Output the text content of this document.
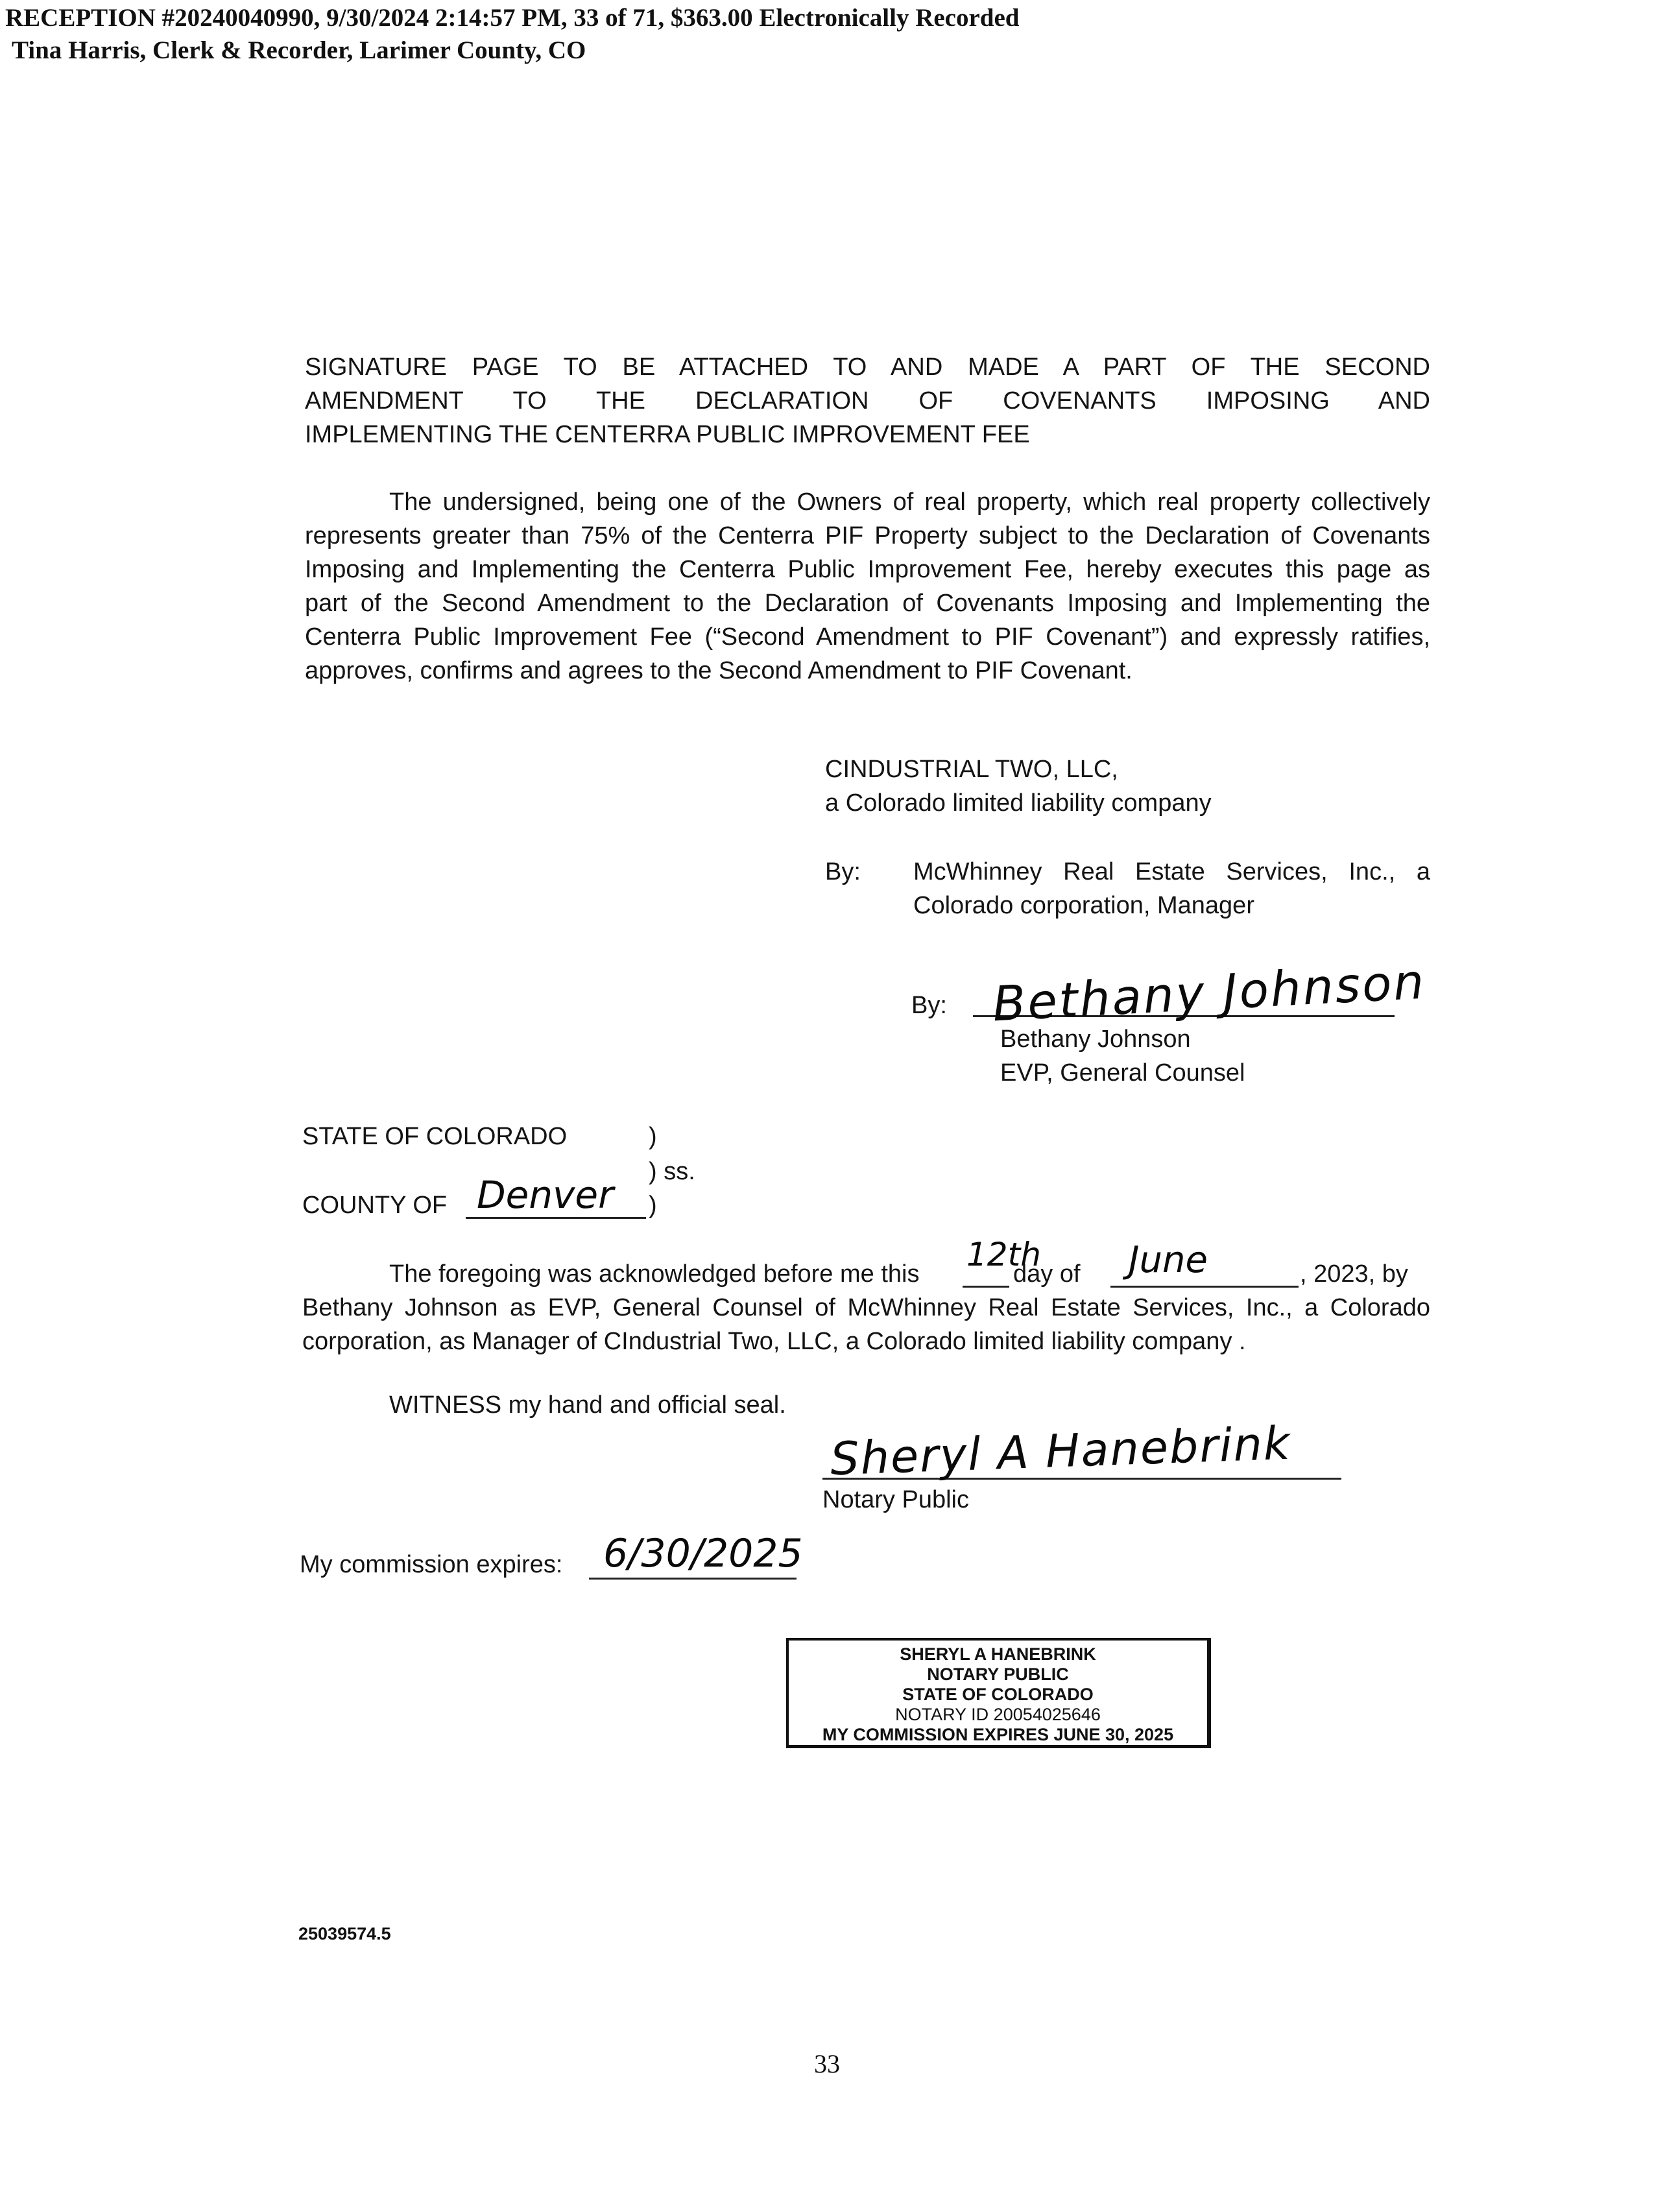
RECEPTION #20240040990, 9/30/2024 2:14:57 PM, 33 of 71, $363.00 Electronically Recorded
Tina Harris, Clerk & Recorder, Larimer County, CO
SIGNATURE PAGE TO BE ATTACHED TO AND MADE A PART OF THE SECOND
AMENDMENT TO THE DECLARATION OF COVENANTS IMPOSING AND
IMPLEMENTING THE CENTERRA PUBLIC IMPROVEMENT FEE
The undersigned, being one of the Owners of real property, which real property collectively
represents greater than 75% of the Centerra PIF Property subject to the Declaration of Covenants
Imposing and Implementing the Centerra Public Improvement Fee, hereby executes this page as
part of the Second Amendment to the Declaration of Covenants Imposing and Implementing the
Centerra Public Improvement Fee (“Second Amendment to PIF Covenant”) and expressly ratifies,
approves, confirms and agrees to the Second Amendment to PIF Covenant.
CINDUSTRIAL TWO, LLC,
a Colorado limited liability company
By: McWhinney Real Estate Services, Inc., a
Colorado corporation, Manager
By: Bethany Johnson
Bethany Johnson
EVP, General Counsel
STATE OF COLORADO	)
) ss.
COUNTY OF Denver )
The foregoing was acknowledged before me this
12th
day of June	, 2023, by
Bethany Johnson as EVP, General Counsel of McWhinney Real Estate Services, Inc., a Colorado
corporation, as Manager of CIndustrial Two, LLC, a Colorado limited liability company .
WITNESS my hand and official seal.
Sheryl A Hanebrink
Notary Public
My commission expires: 6/30/2025
SHERYL A HANEBRINK
NOTARY PUBLIC
STATE OF COLORADO
NOTARY ID 20054025646
MY COMMISSION EXPIRES JUNE 30, 2025
25039574.5
33
